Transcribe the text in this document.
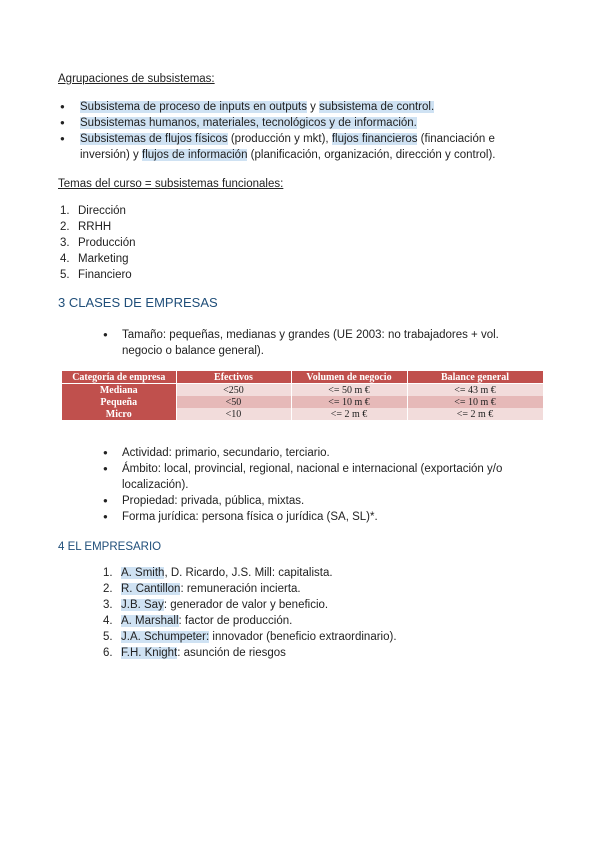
Agrupaciones de subsistemas:
● Subsistema de proceso de inputs en outputs y subsistema de control.
● Subsistemas humanos, materiales, tecnológicos y de información.
● Subsistemas de flujos físicos (producción y mkt), flujos financieros (financiación e
inversión) y flujos de información (planificación, organización, dirección y control).
Temas del curso = subsistemas funcionales:
1. Dirección
2. RRHH
3. Producción
4. Marketing
5. Financiero
3 CLASES DE EMPRESAS
● Tamaño: pequeñas, medianas y grandes (UE 2003: no trabajadores + vol.
negocio o balance general).
Categoría de empresa	Efectivos	Volumen de negocio	Balance general
Mediana	<250	<= 50 m €	<= 43 m €
Pequeña	<50	<= 10 m €	<= 10 m €
Micro	<10	<= 2 m €	<= 2 m €
● Actividad: primario, secundario, terciario.
● Ámbito: local, provincial, regional, nacional e internacional (exportación y/o
localización).
● Propiedad: privada, pública, mixtas.
● Forma jurídica: persona física o jurídica (SA, SL)*.
4 EL EMPRESARIO
1. A. Smith, D. Ricardo, J.S. Mill: capitalista.
2. R. Cantillon: remuneración incierta.
3. J.B. Say: generador de valor y beneficio.
4. A. Marshall: factor de producción.
5. J.A. Schumpeter: innovador (beneficio extraordinario).
6. F.H. Knight: asunción de riesgos
